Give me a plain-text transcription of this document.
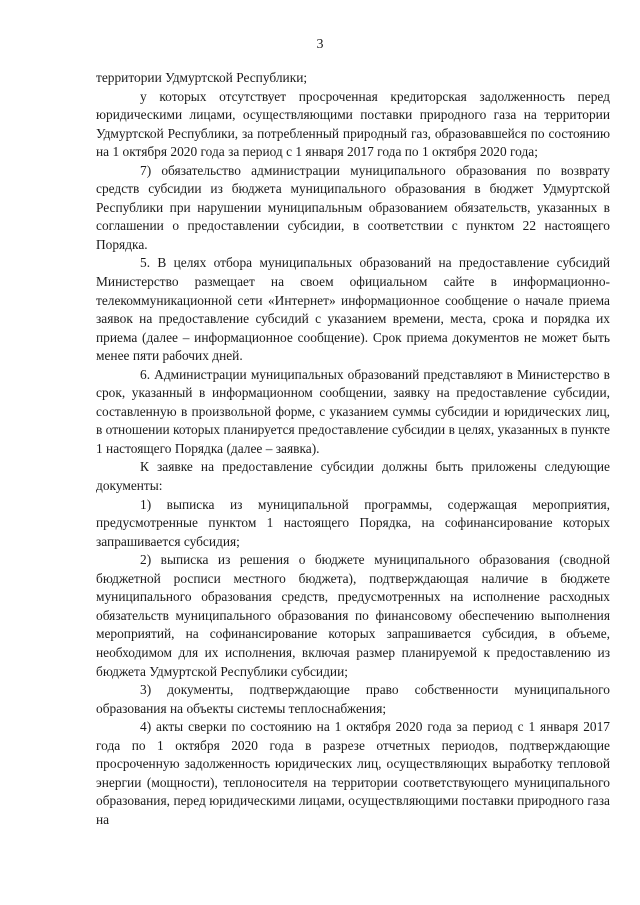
3

территории Удмуртской Республики;

у которых отсутствует просроченная кредиторская задолженность перед юридическими лицами, осуществляющими поставки природного газа на территории Удмуртской Республики, за потребленный природный газ, образовавшейся по состоянию на 1 октября 2020 года за период с 1 января 2017 года по 1 октября 2020 года;

7) обязательство администрации муниципального образования по возврату средств субсидии из бюджета муниципального образования в бюджет Удмуртской Республики при нарушении муниципальным образованием обязательств, указанных в соглашении о предоставлении субсидии, в соответствии с пунктом 22 настоящего Порядка.

5. В целях отбора муниципальных образований на предоставление субсидий Министерство размещает на своем официальном сайте в информационно-телекоммуникационной сети «Интернет» информационное сообщение о начале приема заявок на предоставление субсидий с указанием времени, места, срока и порядка их приема (далее – информационное сообщение). Срок приема документов не может быть менее пяти рабочих дней.

6. Администрации муниципальных образований представляют в Министерство в срок, указанный в информационном сообщении, заявку на предоставление субсидии, составленную в произвольной форме, с указанием суммы субсидии и юридических лиц, в отношении которых планируется предоставление субсидии в целях, указанных в пункте 1 настоящего Порядка (далее – заявка).

К заявке на предоставление субсидии должны быть приложены следующие документы:

1) выписка из муниципальной программы, содержащая мероприятия, предусмотренные пунктом 1 настоящего Порядка, на софинансирование которых запрашивается субсидия;

2) выписка из решения о бюджете муниципального образования (сводной бюджетной росписи местного бюджета), подтверждающая наличие в бюджете муниципального образования средств, предусмотренных на исполнение расходных обязательств муниципального образования по финансовому обеспечению выполнения мероприятий, на софинансирование которых запрашивается субсидия, в объеме, необходимом для их исполнения, включая размер планируемой к предоставлению из бюджета Удмуртской Республики субсидии;

3) документы, подтверждающие право собственности муниципального образования на объекты системы теплоснабжения;

4) акты сверки по состоянию на 1 октября 2020 года за период с 1 января 2017 года по 1 октября 2020 года в разрезе отчетных периодов, подтверждающие просроченную задолженность юридических лиц, осуществляющих выработку тепловой энергии (мощности), теплоносителя на территории соответствующего муниципального образования, перед юридическими лицами, осуществляющими поставки природного газа на
